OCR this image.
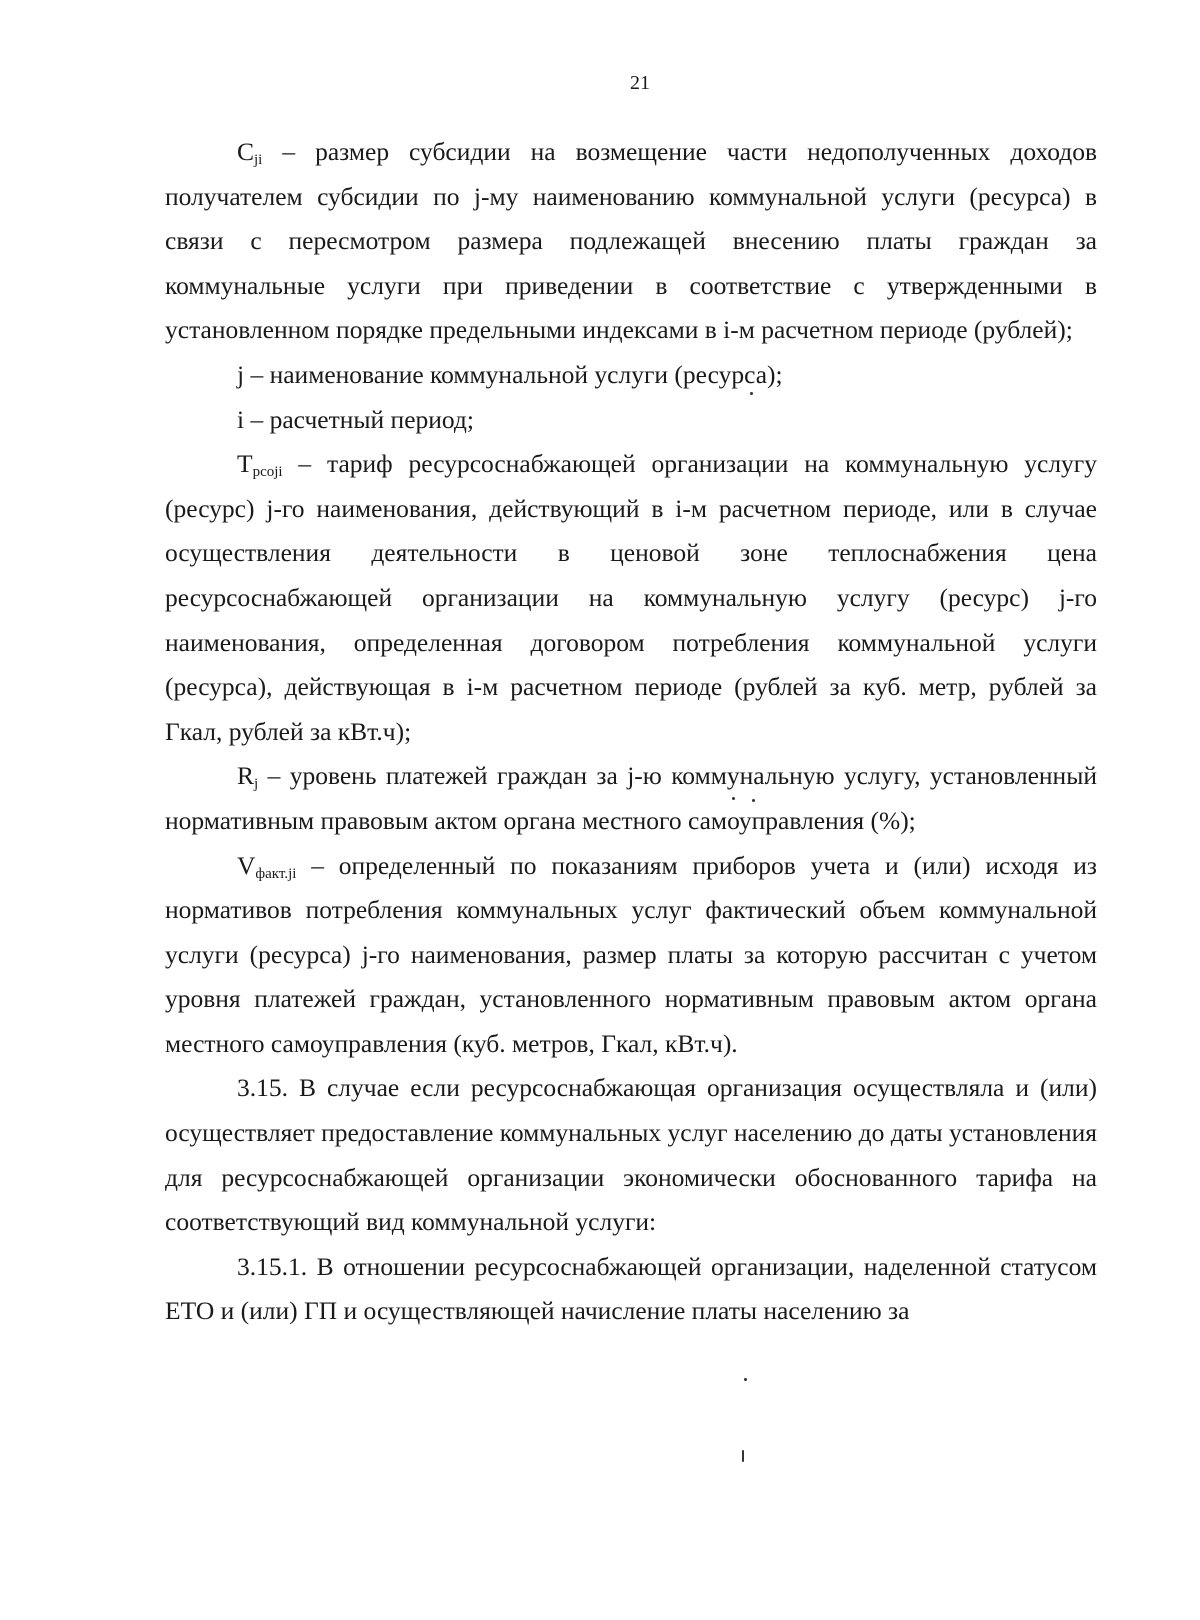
21

$C_{ji}$ – размер субсидии на возмещение части недополученных доходов получателем субсидии по j-му наименованию коммунальной услуги (ресурса) в связи с пересмотром размера подлежащей внесению платы граждан за коммунальные услуги при приведении в соответствие с утвержденными в установленном порядке предельными индексами в i-м расчетном периоде (рублей);

j – наименование коммунальной услуги (ресурса);

i – расчетный период;

$T_{pcoji}$ – тариф ресурсоснабжающей организации на коммунальную услугу (ресурс) j-го наименования, действующий в i-м расчетном периоде, или в случае осуществления деятельности в ценовой зоне теплоснабжения цена ресурсоснабжающей организации на коммунальную услугу (ресурс) j-го наименования, определенная договором потребления коммунальной услуги (ресурса), действующая в i-м расчетном периоде (рублей за куб. метр, рублей за Гкал, рублей за кВт.ч);

$R_j$ – уровень платежей граждан за j-ю коммунальную услугу, установленный нормативным правовым актом органа местного самоуправления (%);

$V_{факт.ji}$ – определенный по показаниям приборов учета и (или) исходя из нормативов потребления коммунальных услуг фактический объем коммунальной услуги (ресурса) j-го наименования, размер платы за которую рассчитан с учетом уровня платежей граждан, установленного нормативным правовым актом органа местного самоуправления (куб. метров, Гкал, кВт.ч).

3.15. В случае если ресурсоснабжающая организация осуществляла и (или) осуществляет предоставление коммунальных услуг населению до даты установления для ресурсоснабжающей организации экономически обоснованного тарифа на соответствующий вид коммунальной услуги:

3.15.1. В отношении ресурсоснабжающей организации, наделенной статусом ЕТО и (или) ГП и осуществляющей начисление платы населению за
